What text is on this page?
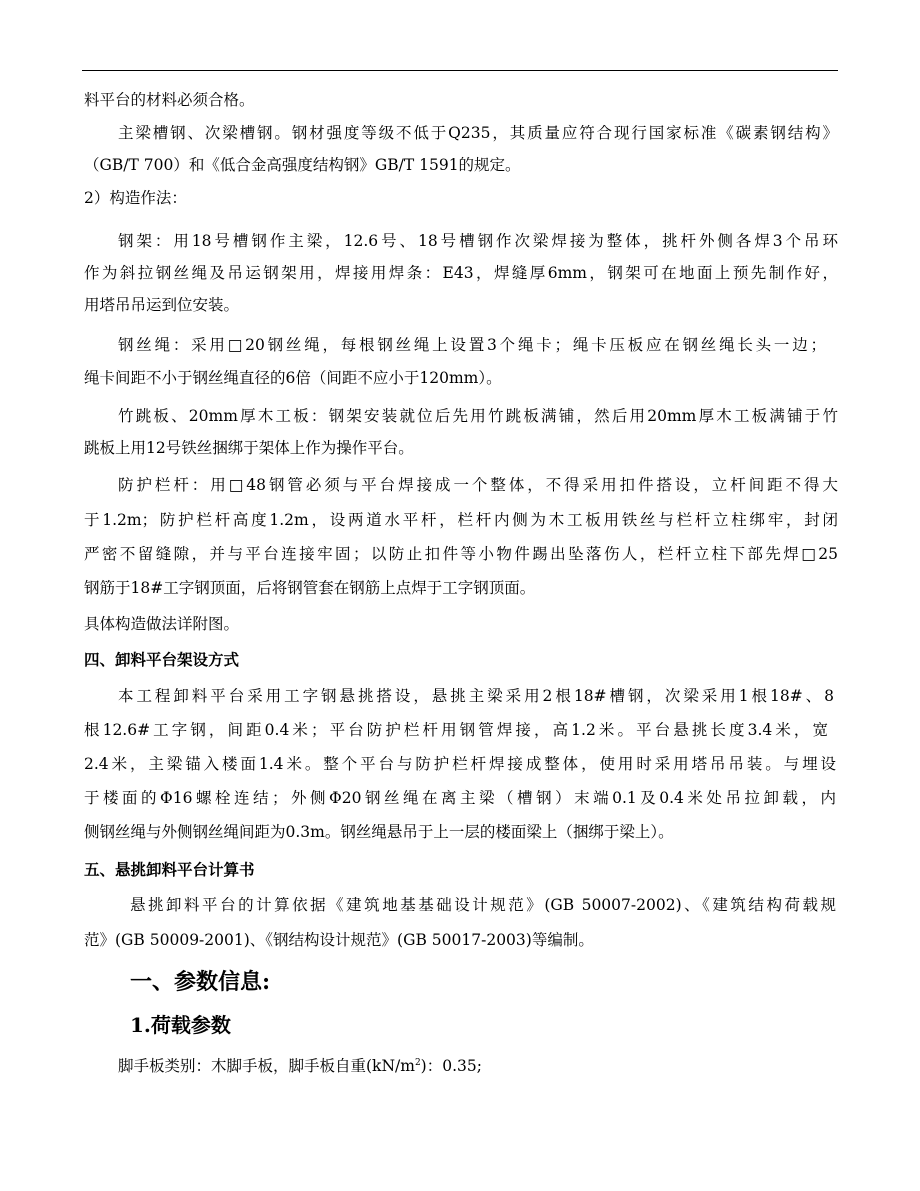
料平台的材料必须合格。
主梁槽钢、次梁槽钢。钢材强度等级不低于Q235，其质量应符合现行国家标准《碳素钢结构》
（GB/T 700）和《低合金高强度结构钢》GB/T 1591的规定。
2）构造作法：
钢架：用18号槽钢作主梁，12.6号、18号槽钢作次梁焊接为整体，挑杆外侧各焊3个吊环
作为斜拉钢丝绳及吊运钢架用，焊接用焊条：E43，焊缝厚6mm，钢架可在地面上预先制作好，
用塔吊吊运到位安装。
钢丝绳：采用□20钢丝绳，每根钢丝绳上设置3个绳卡；绳卡压板应在钢丝绳长头一边；
绳卡间距不小于钢丝绳直径的6倍（间距不应小于120mm）。
竹跳板、20mm厚木工板：钢架安装就位后先用竹跳板满铺，然后用20mm厚木工板满铺于竹
跳板上用12号铁丝捆绑于架体上作为操作平台。
防护栏杆：用□48钢管必须与平台焊接成一个整体，不得采用扣件搭设，立杆间距不得大
于1.2m；防护栏杆高度1.2m，设两道水平杆，栏杆内侧为木工板用铁丝与栏杆立柱绑牢，封闭
严密不留缝隙，并与平台连接牢固；以防止扣件等小物件踢出坠落伤人，栏杆立柱下部先焊□25
钢筋于18#工字钢顶面，后将钢管套在钢筋上点焊于工字钢顶面。
具体构造做法详附图。
四、卸料平台架设方式
本工程卸料平台采用工字钢悬挑搭设，悬挑主梁采用2根18#槽钢，次梁采用1根18#、8
根12.6#工字钢，间距0.4米；平台防护栏杆用钢管焊接，高1.2米。平台悬挑长度3.4米，宽
2.4米，主梁锚入楼面1.4米。整个平台与防护栏杆焊接成整体，使用时采用塔吊吊装。与埋设
于楼面的Φ16螺栓连结；外侧Φ20钢丝绳在离主梁（槽钢）末端0.1及0.4米处吊拉卸载，内
侧钢丝绳与外侧钢丝绳间距为0.3m。钢丝绳悬吊于上一层的楼面梁上（捆绑于梁上）。
五、悬挑卸料平台计算书
悬挑卸料平台的计算依据《建筑地基基础设计规范》(GB 50007-2002)、《建筑结构荷载规
范》(GB 50009-2001)、《钢结构设计规范》(GB 50017-2003)等编制。
一、参数信息:
1.荷载参数
脚手板类别：木脚手板，脚手板自重$(kN/m^2)$：0.35;
